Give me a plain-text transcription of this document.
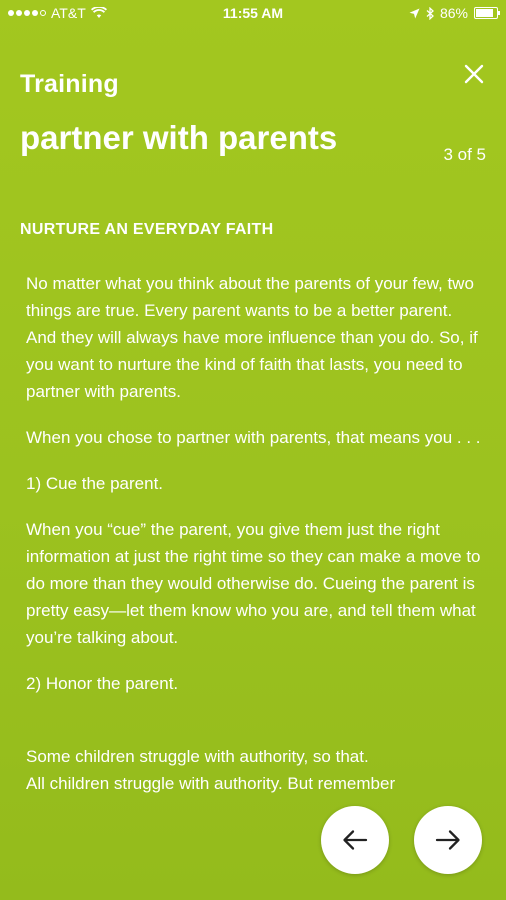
AT&T	11:55 AM	86%
Training
partner with parents	3 of 5
NURTURE AN EVERYDAY FAITH

No matter what you think about the parents of your few, two things are true. Every parent wants to be a better parent. And they will always have more influence than you do. So, if you want to nurture the kind of faith that lasts, you need to partner with parents.

When you chose to partner with parents, that means you . . .

1) Cue the parent.

When you “cue” the parent, you give them just the right information at just the right time so they can make a move to do more than they would otherwise do. Cueing the parent is pretty easy—let them know who you are, and tell them what you’re talking about.

2) Honor the parent.

Some children struggle with authority, so that.

All children struggle with authority. But remember
